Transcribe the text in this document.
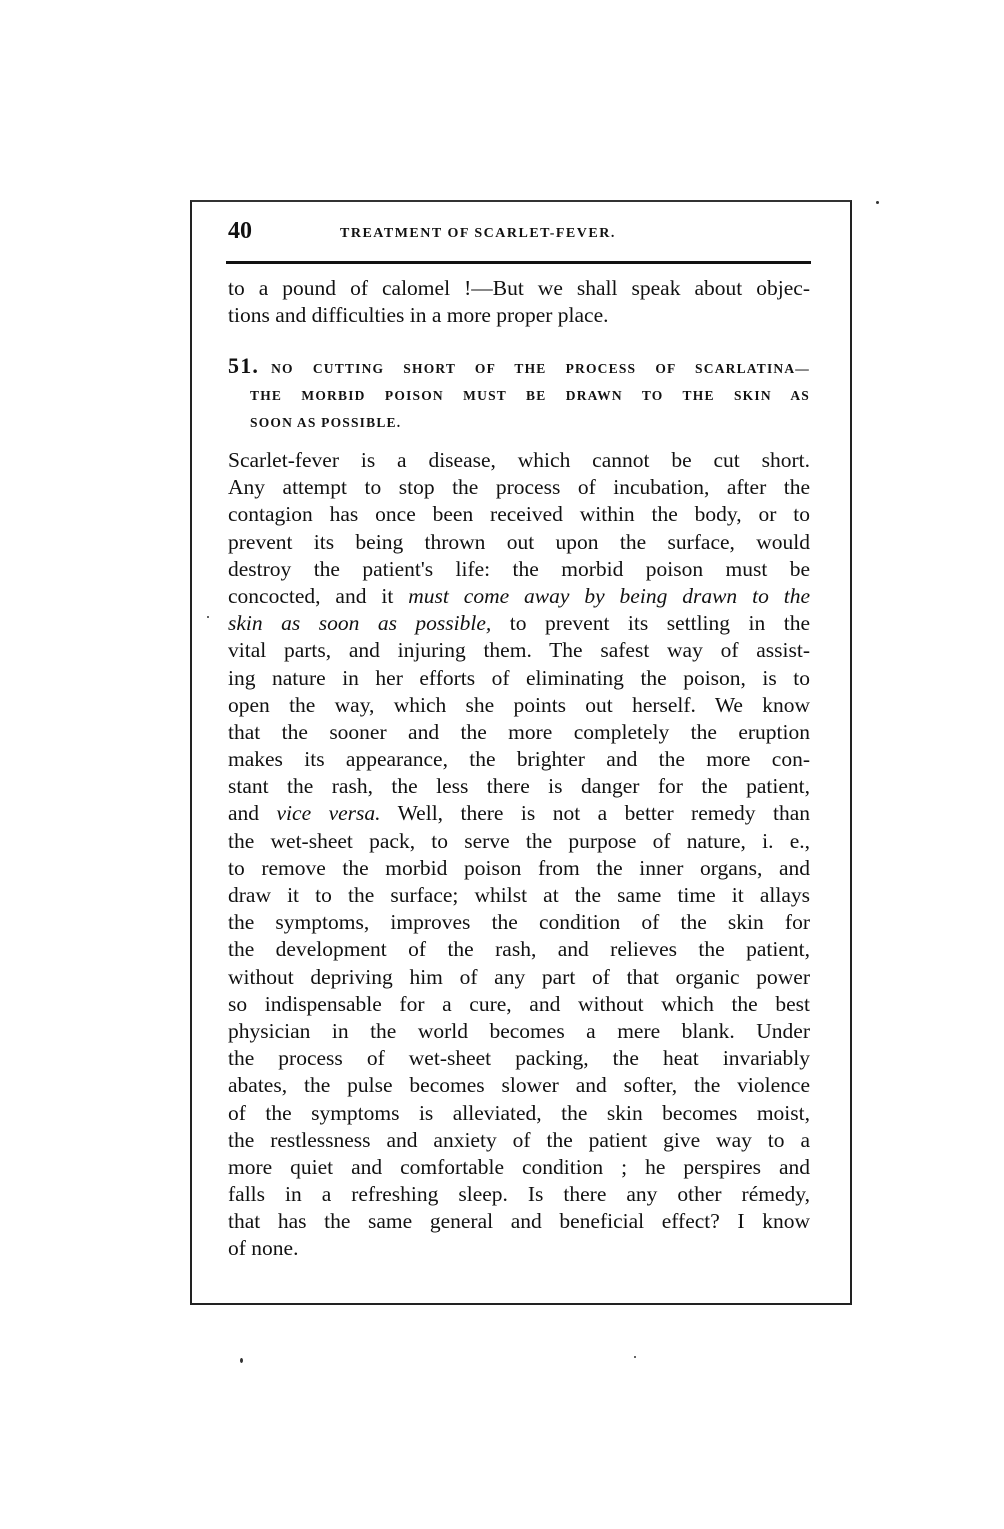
40	TREATMENT OF SCARLET-FEVER.
to a pound of calomel !—But we shall speak about objec-
tions and difficulties in a more proper place.
51. NO CUTTING SHORT OF THE PROCESS OF SCARLATINA—
THE MORBID POISON MUST BE DRAWN TO THE SKIN AS
SOON AS POSSIBLE.
Scarlet-fever is a disease, which cannot be cut short.
Any attempt to stop the process of incubation, after the
contagion has once been received within the body, or to
prevent its being thrown out upon the surface, would
destroy the patient's life: the morbid poison must be
concocted, and it must come away by being drawn to the
skin as soon as possible, to prevent its settling in the
vital parts, and injuring them. The safest way of assist-
ing nature in her efforts of eliminating the poison, is to
open the way, which she points out herself. We know
that the sooner and the more completely the eruption
makes its appearance, the brighter and the more con-
stant the rash, the less there is danger for the patient,
and vice versa. Well, there is not a better remedy than
the wet-sheet pack, to serve the purpose of nature, i. e.,
to remove the morbid poison from the inner organs, and
draw it to the surface; whilst at the same time it allays
the symptoms, improves the condition of the skin for
the development of the rash, and relieves the patient,
without depriving him of any part of that organic power
so indispensable for a cure, and without which the best
physician in the world becomes a mere blank. Under
the process of wet-sheet packing, the heat invariably
abates, the pulse becomes slower and softer, the violence
of the symptoms is alleviated, the skin becomes moist,
the restlessness and anxiety of the patient give way to a
more quiet and comfortable condition ; he perspires and
falls in a refreshing sleep. Is there any other rémedy,
that has the same general and beneficial effect? I know
of none.
